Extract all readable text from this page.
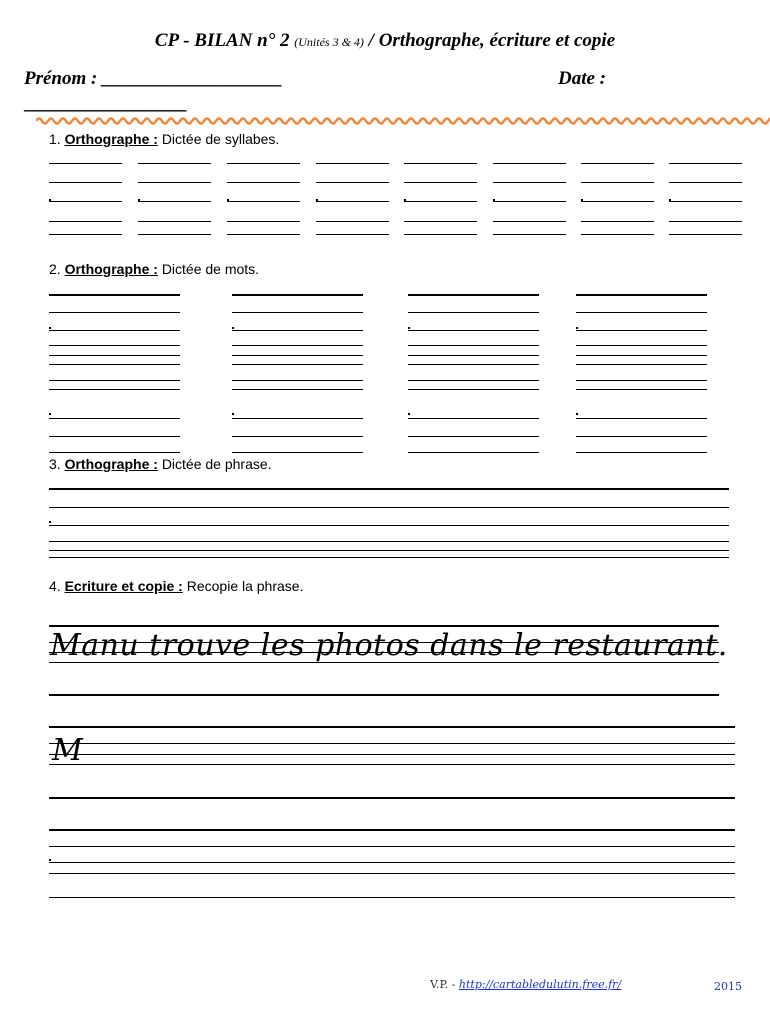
CP - BILAN n° 2 (Unités 3 & 4) / Orthographe, écriture et copie
Prénom : ___________________	Date :
___________________
1. Orthographe : Dictée de syllabes.
2. Orthographe : Dictée de mots.
3. Orthographe : Dictée de phrase.
4. Ecriture et copie : Recopie la phrase.
Manu trouve les photos dans le restaurant.
M
V.P. - http://cartabledulutin.free.fr/	2015
